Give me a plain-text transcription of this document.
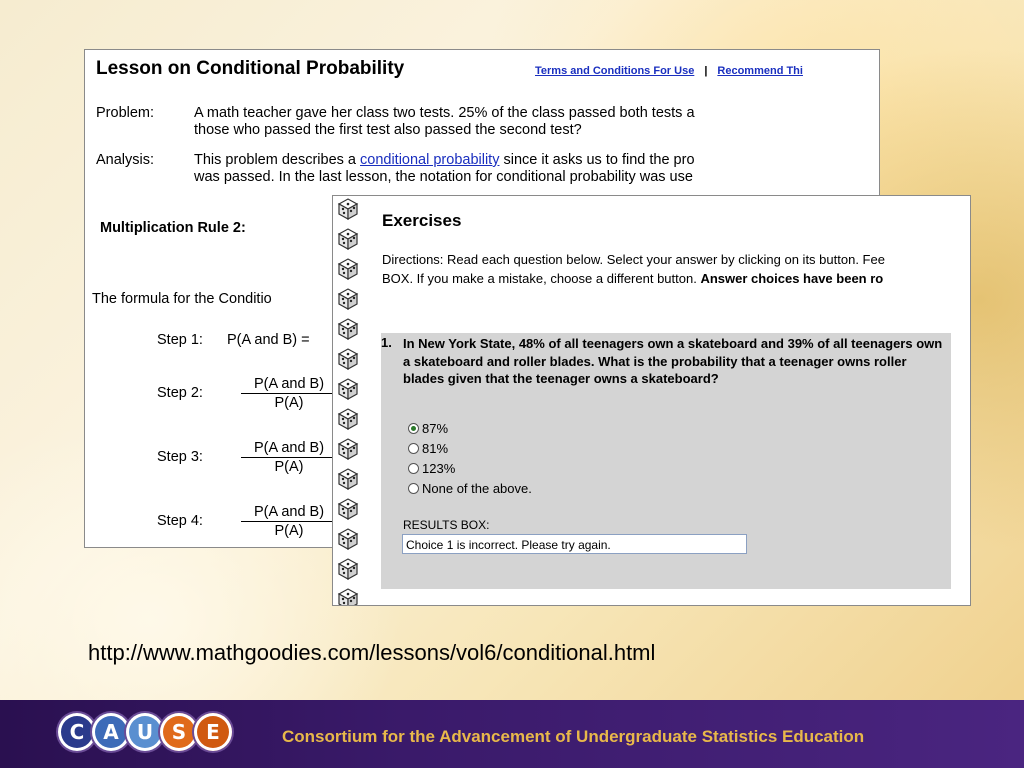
Lesson on Conditional Probability	Terms and Conditions For Use | Recommend Thi
Problem:	A math teacher gave her class two tests. 25% of the class passed both tests a
those who passed the first test also passed the second test?
Analysis:	This problem describes a conditional probability since it asks us to find the pro
was passed. In the last lesson, the notation for conditional probability was use
Multiplication Rule 2:
The formula for the Conditio
Step 1: P(A and B) =
Step 2:
P(A and B)
P(A)
Step 3:
P(A and B)
P(A)
Step 4:
P(A and B)
P(A)
Exercises
Directions: Read each question below. Select your answer by clicking on its button. Fee
BOX. If you make a mistake, choose a different button. Answer choices have been ro
1. In New York State, 48% of all teenagers own a skateboard and 39% of all teenagers own a skateboard and roller blades. What is the probability that a teenager owns roller blades given that the teenager owns a skateboard?
87%
81%
123%
None of the above.
RESULTS BOX:
Choice 1 is incorrect. Please try again.
http://www.mathgoodies.com/lessons/vol6/conditional.html
C A U S E	Consortium for the Advancement of Undergraduate Statistics Education
